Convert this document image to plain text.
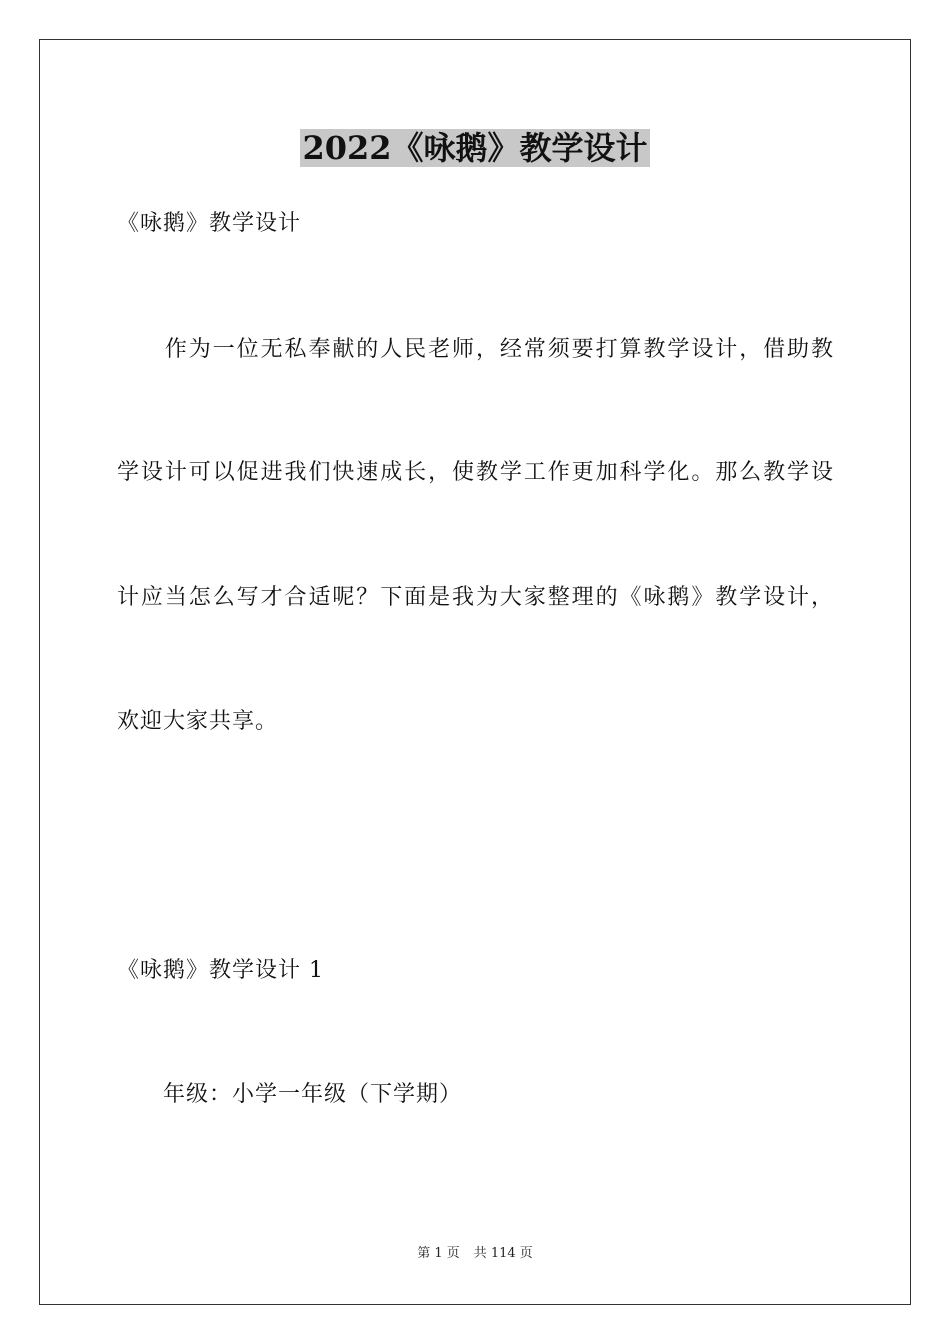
2022《咏鹅》教学设计
《咏鹅》教学设计
　　作为一位无私奉献的人民老师，经常须要打算教学设计，借助教
学设计可以促进我们快速成长，使教学工作更加科学化。那么教学设
计应当怎么写才合适呢？下面是我为大家整理的《咏鹅》教学设计，
欢迎大家共享。
《咏鹅》教学设计 1
　　年级：小学一年级（下学期）
第 1 页 共 114 页
